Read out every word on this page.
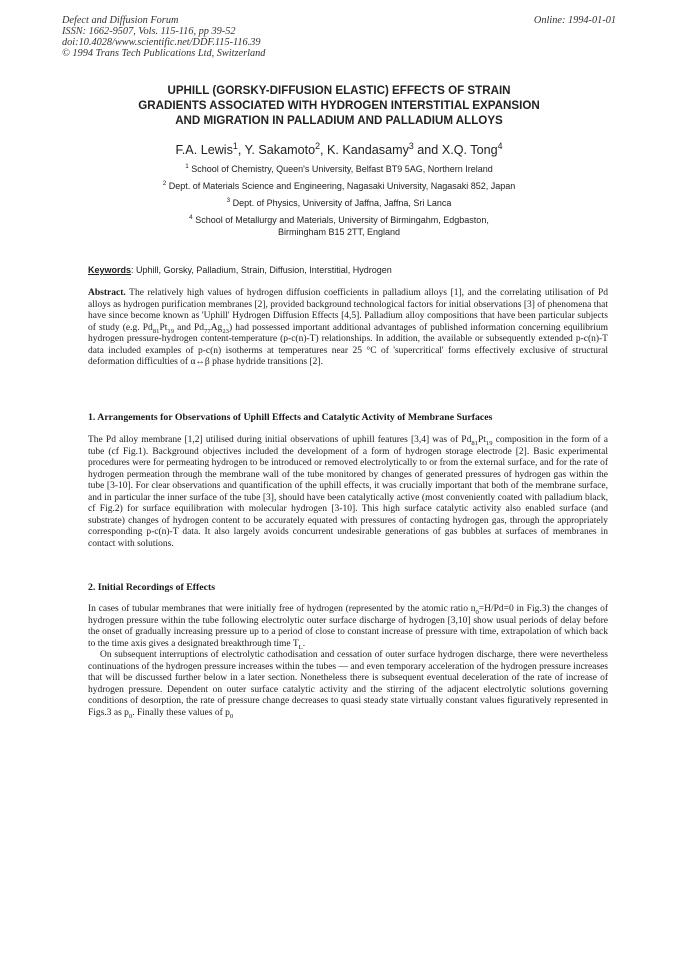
Defect and Diffusion Forum
ISSN: 1662-9507, Vols. 115-116, pp 39-52
doi:10.4028/www.scientific.net/DDF.115-116.39
© 1994 Trans Tech Publications Ltd, Switzerland
Online: 1994-01-01
UPHILL (GORSKY-DIFFUSION ELASTIC) EFFECTS OF STRAIN
GRADIENTS ASSOCIATED WITH HYDROGEN INTERSTITIAL EXPANSION
AND MIGRATION IN PALLADIUM AND PALLADIUM ALLOYS
F.A. Lewis$^1$, Y. Sakamoto$^2$, K. Kandasamy$^3$ and X.Q. Tong$^4$
$^1$ School of Chemistry, Queen's University, Belfast BT9 5AG, Northern Ireland
$^2$ Dept. of Materials Science and Engineering, Nagasaki University, Nagasaki 852, Japan
$^3$ Dept. of Physics, University of Jaffna, Jaffna, Sri Lanca
$^4$ School of Metallurgy and Materials, University of Birmingahm, Edgbaston,
Birmingham B15 2TT, England
Keywords: Uphill, Gorsky, Palladium, Strain, Diffusion, Interstitial, Hydrogen
Abstract. The relatively high values of hydrogen diffusion coefficients in palladium alloys [1], and the correlating utilisation of Pd alloys as hydrogen purification membranes [2], provided background technological factors for initial observations [3] of phenomena that have since become known as 'Uphill' Hydrogen Diffusion Effects [4,5]. Palladium alloy compositions that have been particular subjects of study (e.g. $Pd_{81}Pt_{19}$ and $Pd_{77}Ag_{23}$) had possessed important additional advantages of published information concerning equilibrium hydrogen pressure-hydrogen content-temperature (p-c(n)-T) relationships. In addition, the available or subsequently extended p-c(n)-T data included examples of p-c(n) isotherms at temperatures near 25 °C of 'supercritical' forms effectively exclusive of structural deformation difficulties of α↔β phase hydride transitions [2].
1. Arrangements for Observations of Uphill Effects and Catalytic Activity of Membrane Surfaces
The Pd alloy membrane [1,2] utilised during initial observations of uphill features [3,4] was of $Pd_{81}Pt_{19}$ composition in the form of a tube (cf Fig.1). Background objectives included the development of a form of hydrogen storage electrode [2]. Basic experimental procedures were for permeating hydrogen to be introduced or removed electrolytically to or from the external surface, and for the rate of hydrogen permeation through the membrane wall of the tube monitored by changes of generated pressures of hydrogen gas within the tube [3-10]. For clear observations and quantification of the uphill effects, it was crucially important that both of the membrane surface, and in particular the inner surface of the tube [3], should have been catalytically active (most conveniently coated with palladium black, cf Fig.2) for surface equilibration with molecular hydrogen [3-10]. This high surface catalytic activity also enabled surface (and substrate) changes of hydrogen content to be accurately equated with pressures of contacting hydrogen gas, through the appropriately corresponding p-c(n)-T data. It also largely avoids concurrent undesirable generations of gas bubbles at surfaces of membranes in contact with solutions.
2. Initial Recordings of Effects

In cases of tubular membranes that were initially free of hydrogen (represented by the atomic ratio $n_0=H/Pd=0$ in Fig.3) the changes of hydrogen pressure within the tube following electrolytic outer surface discharge of hydrogen [3,10] show usual periods of delay before the onset of gradually increasing pressure up to a period of close to constant increase of pressure with time, extrapolation of which back to the time axis gives a designated breakthrough time $T_L$.

On subsequent interruptions of electrolytic cathodisation and cessation of outer surface hydrogen discharge, there were nevertheless continuations of the hydrogen pressure increases within the tubes — and even temporary acceleration of the hydrogen pressure increases that will be discussed further below in a later section. Nonetheless there is subsequent eventual deceleration of the rate of increase of hydrogen pressure. Dependent on outer surface catalytic activity and the stirring of the adjacent electrolytic solutions governing conditions of desorption, the rate of pressure change decreases to quasi steady state virtually constant values figuratively represented in Figs.3 as $p_0$. Finally these values of $p_0$
